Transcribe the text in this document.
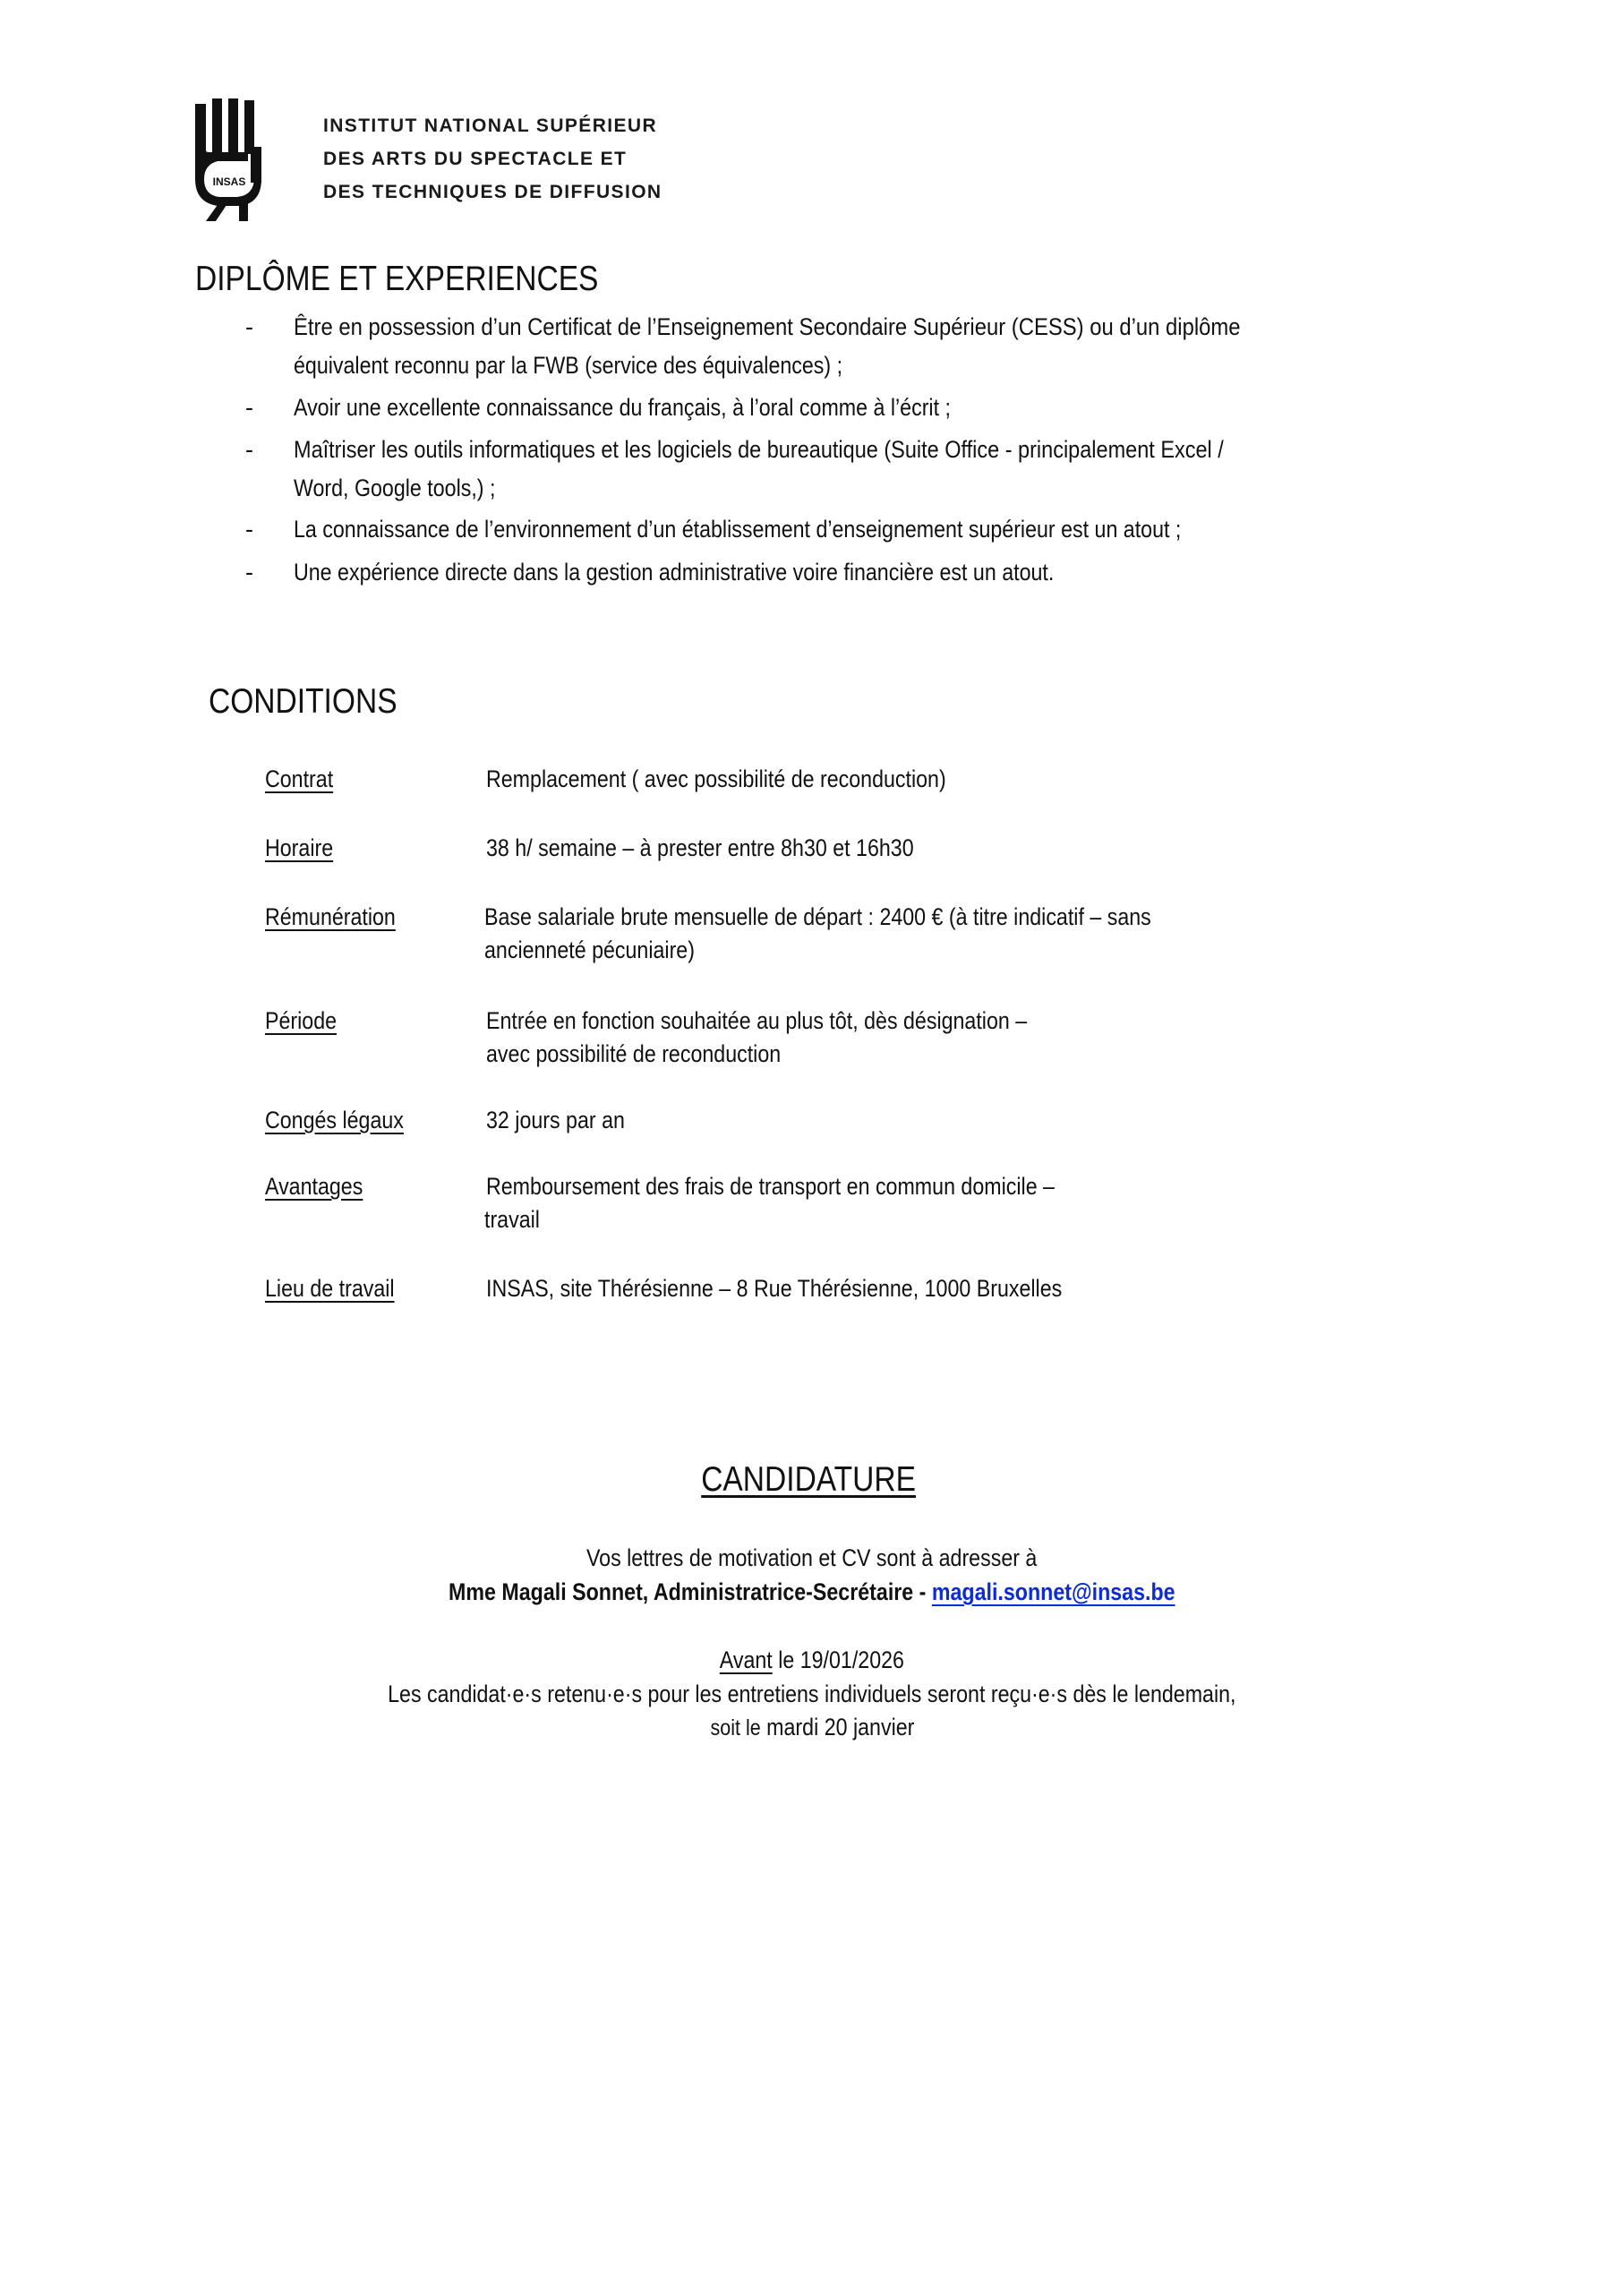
INSAS
INSTITUT NATIONAL SUPÉRIEUR
DES ARTS DU SPECTACLE ET
DES TECHNIQUES DE DIFFUSION
DIPLÔME ET EXPERIENCES
- Être en possession d’un Certificat de l’Enseignement Secondaire Supérieur (CESS) ou d’un diplôme
équivalent reconnu par la FWB (service des équivalences) ;
- Avoir une excellente connaissance du français, à l’oral comme à l’écrit ;
- Maîtriser les outils informatiques et les logiciels de bureautique (Suite Office - principalement Excel /
Word, Google tools,) ;
- La connaissance de l’environnement d’un établissement d’enseignement supérieur est un atout ;
- Une expérience directe dans la gestion administrative voire financière est un atout.
CONDITIONS
Contrat	Remplacement ( avec possibilité de reconduction)
Horaire	38 h/ semaine – à prester entre 8h30 et 16h30
Rémunération	Base salariale brute mensuelle de départ : 2400 € (à titre indicatif – sans
ancienneté pécuniaire)
Période	Entrée en fonction souhaitée au plus tôt, dès désignation –
avec possibilité de reconduction
Congés légaux	32 jours par an
Avantages	Remboursement des frais de transport en commun domicile –
travail
Lieu de travail	INSAS, site Thérésienne – 8 Rue Thérésienne, 1000 Bruxelles
CANDIDATURE
Vos lettres de motivation et CV sont à adresser à
Mme Magali Sonnet, Administratrice-Secrétaire - magali.sonnet@insas.be
Avant le 19/01/2026
Les candidat·e·s retenu·e·s pour les entretiens individuels seront reçu·e·s dès le lendemain,
soit le mardi 20 janvier
